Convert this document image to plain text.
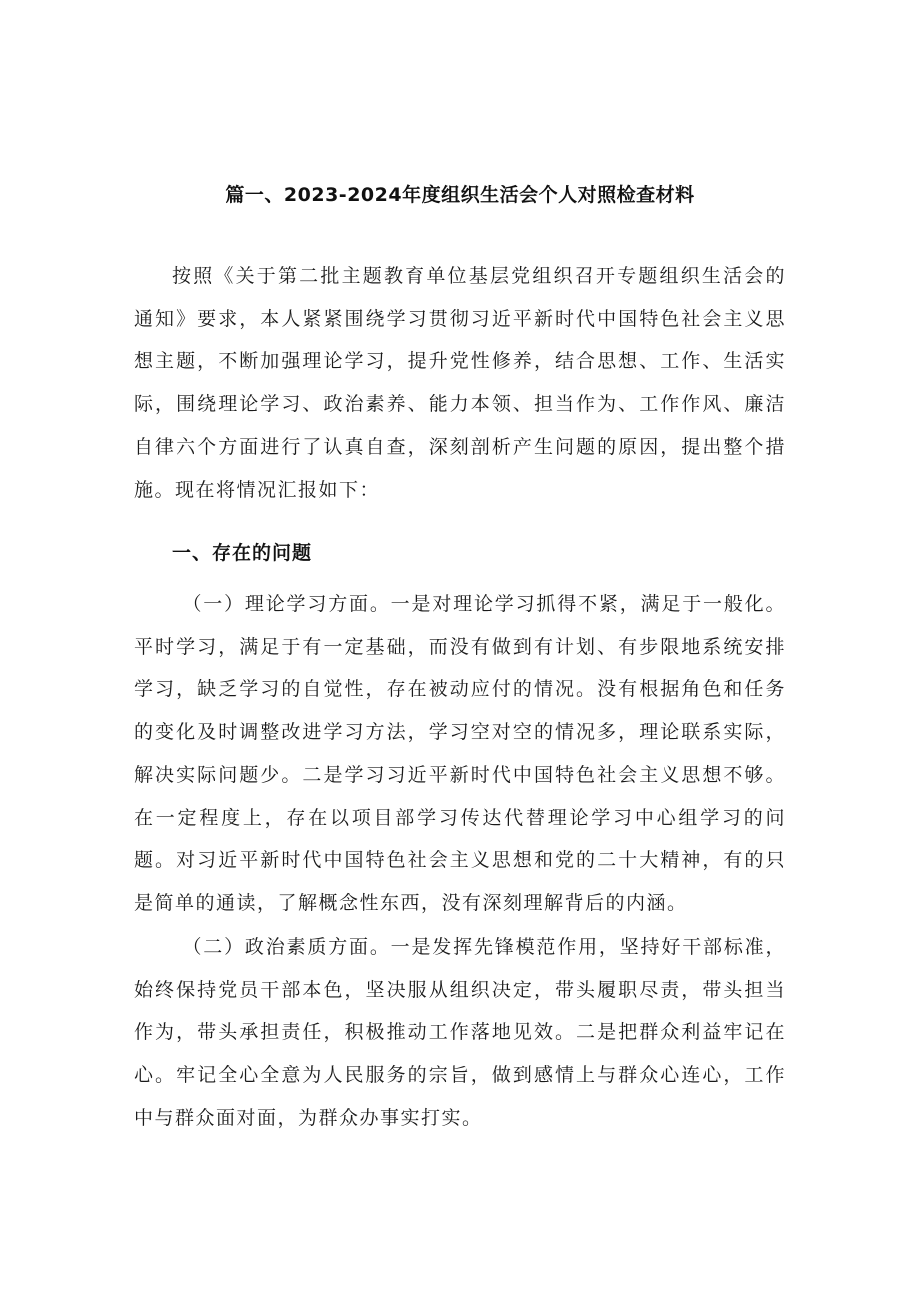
篇一、2023-2024年度组织生活会个人对照检查材料
按照《关于第二批主题教育单位基层党组织召开专题组织生活会的通知》要求，本人紧紧围绕学习贯彻习近平新时代中国特色社会主义思想主题，不断加强理论学习，提升党性修养，结合思想、工作、生活实际，围绕理论学习、政治素养、能力本领、担当作为、工作作风、廉洁自律六个方面进行了认真自查，深刻剖析产生问题的原因，提出整个措施。现在将情况汇报如下：
一、存在的问题
（一）理论学习方面。一是对理论学习抓得不紧，满足于一般化。平时学习，满足于有一定基础，而没有做到有计划、有步限地系统安排学习，缺乏学习的自觉性，存在被动应付的情况。没有根据角色和任务的变化及时调整改进学习方法，学习空对空的情况多，理论联系实际，解决实际问题少。二是学习习近平新时代中国特色社会主义思想不够。在一定程度上，存在以项目部学习传达代替理论学习中心组学习的问题。对习近平新时代中国特色社会主义思想和党的二十大精神，有的只是简单的通读，了解概念性东西，没有深刻理解背后的内涵。
（二）政治素质方面。一是发挥先锋模范作用，坚持好干部标准，始终保持党员干部本色，坚决服从组织决定，带头履职尽责，带头担当作为，带头承担责任，积极推动工作落地见效。二是把群众利益牢记在心。牢记全心全意为人民服务的宗旨，做到感情上与群众心连心，工作中与群众面对面，为群众办事实打实。
